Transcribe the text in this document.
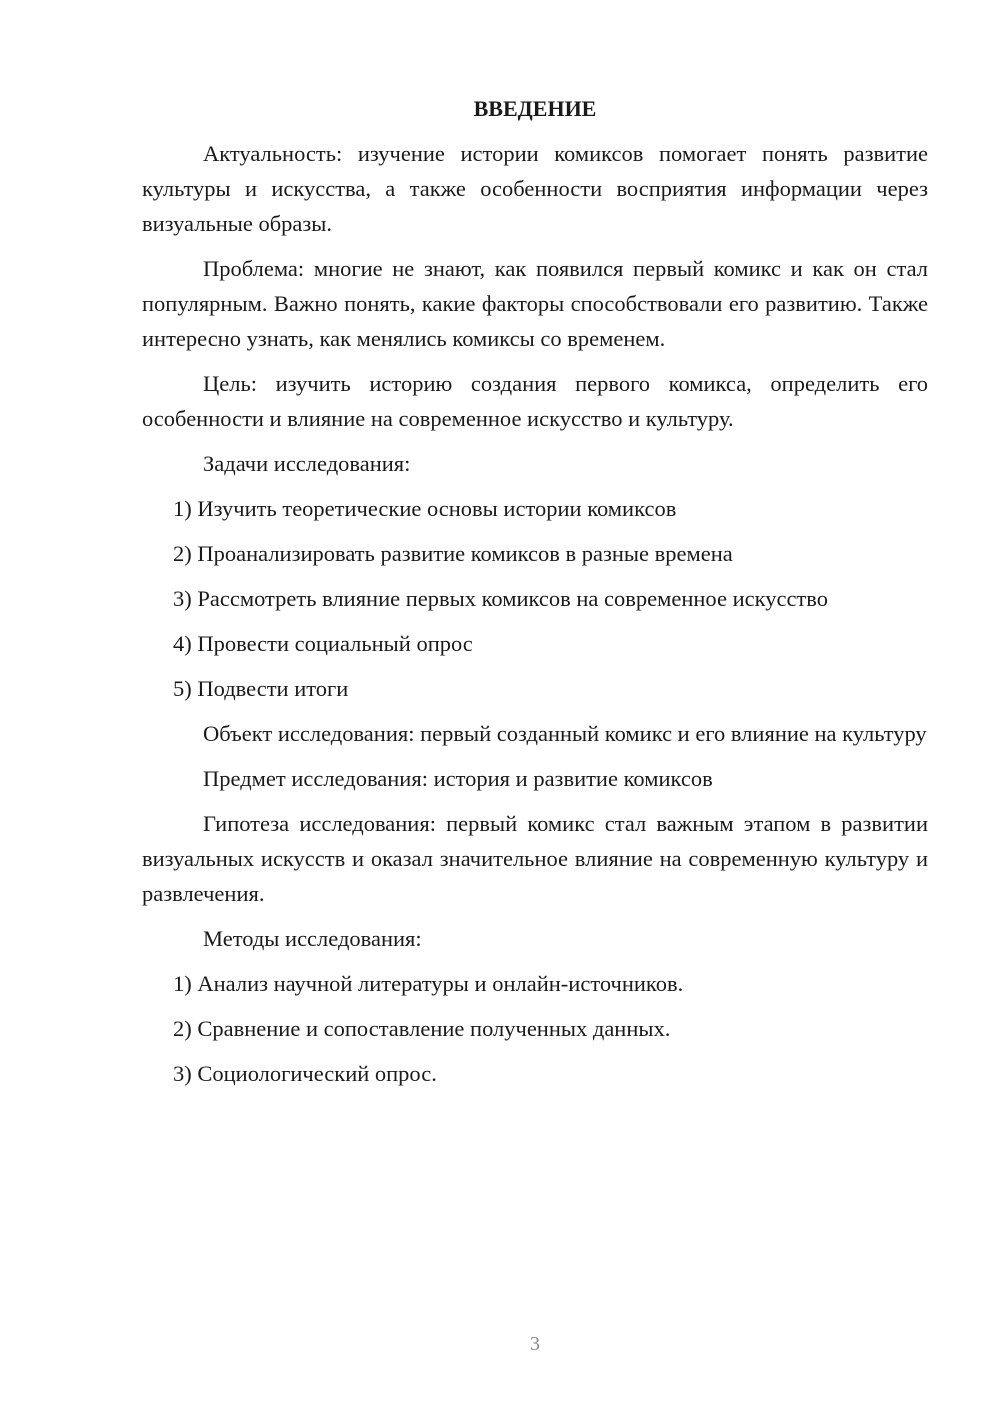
ВВЕДЕНИЕ

Актуальность: изучение истории комиксов помогает понять развитие культуры и искусства, а также особенности восприятия информации через визуальные образы.

Проблема: многие не знают, как появился первый комикс и как он стал популярным. Важно понять, какие факторы способствовали его развитию. Также интересно узнать, как менялись комиксы со временем.

Цель: изучить историю создания первого комикса, определить его особенности и влияние на современное искусство и культуру.

Задачи исследования:
1) Изучить теоретические основы истории комиксов
2) Проанализировать развитие комиксов в разные времена
3) Рассмотреть влияние первых комиксов на современное искусство
4) Провести социальный опрос
5) Подвести итоги

Объект исследования: первый созданный комикс и его влияние на культуру

Предмет исследования: история и развитие комиксов

Гипотеза исследования: первый комикс стал важным этапом в развитии визуальных искусств и оказал значительное влияние на современную культуру и развлечения.

Методы исследования:
1) Анализ научной литературы и онлайн-источников.
2) Сравнение и сопоставление полученных данных.
3) Социологический опрос.
3
